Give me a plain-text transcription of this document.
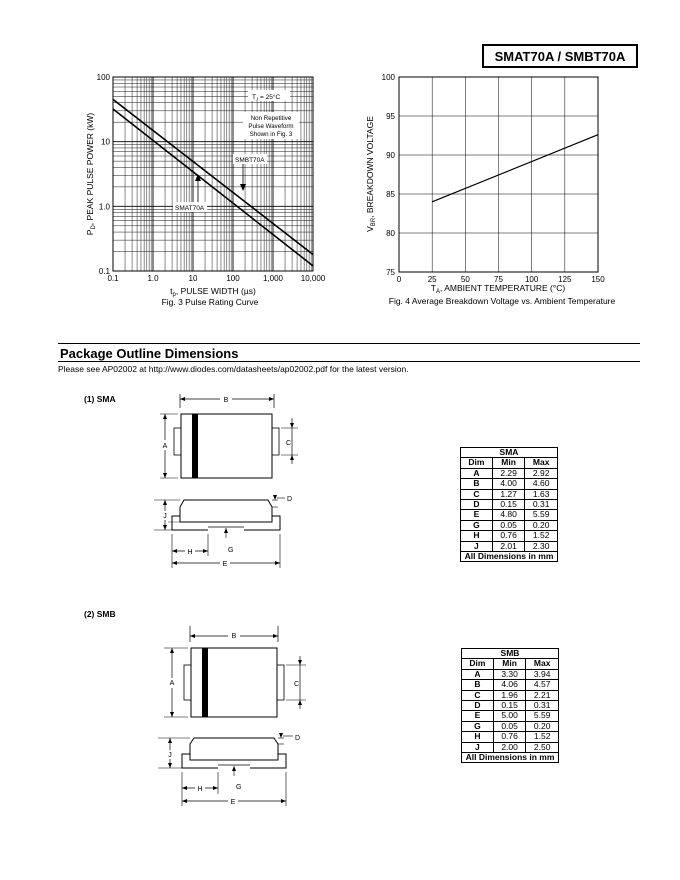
SMAT70A / SMBT70A
0.1	1.0	10	100	1,000 10,000
0.1
1.0
10
100
$T_J = 25^\circ C$
Non Repetitive
Pulse Waveform
Shown in Fig. 3
SMBT70A
SMAT70A
$t_p$, PULSE WIDTH (µs)
$P_D$, PEAK PULSE POWER (kW)
Fig. 3 Pulse Rating Curve
0	25	50	75	100 125 150
75
80
85
90
95
100
$T_A$, AMBIENT TEMPERATURE (°C)
$V_{BR}$, BREAKDOWN VOLTAGE
Fig. 4 Average Breakdown Voltage vs. Ambient Temperature
Package Outline Dimensions
Please see AP02002 at http://www.diodes.com/datasheets/ap02002.pdf for the latest version.
(1) SMA	B
A	C
D
J
G
H
E
SMA		
Dim	Min	Max
A	2.29	2.92
B	4.00	4.60
C	1.27	1.63
D	0.15	0.31
E	4.80	5.59
G	0.05	0.20
H	0.76	1.52
J	2.01	2.30
All Dimensions in mm		
(2) SMB
B
A	C
D
J
G
H
E
SMB		
Dim	Min	Max
A	3.30	3.94
B	4.06	4.57
C	1.96	2.21
D	0.15	0.31
E	5.00	5.59
G	0.05	0.20
H	0.76	1.52
J	2.00	2.50
All Dimensions in mm		
